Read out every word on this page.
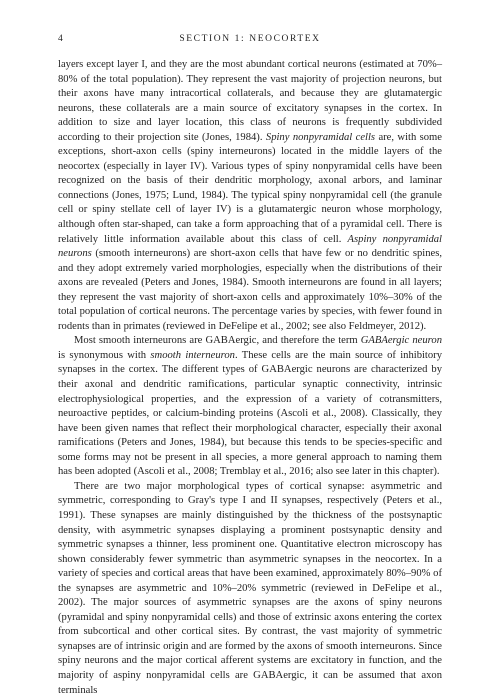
4	SECTION 1: NEOCORTEX

layers except layer I, and they are the most abundant cortical neurons (estimated at 70%–80% of the total population). They represent the vast majority of projection neurons, but their axons have many intracortical collaterals, and because they are glutamatergic neurons, these collaterals are a main source of excitatory synapses in the cortex. In addition to size and layer location, this class of neurons is frequently subdivided according to their projection site (Jones, 1984). Spiny nonpyramidal cells are, with some exceptions, short-axon cells (spiny interneurons) located in the middle layers of the neocortex (especially in layer IV). Various types of spiny nonpyramidal cells have been recognized on the basis of their dendritic morphology, axonal arbors, and laminar connections (Jones, 1975; Lund, 1984). The typical spiny nonpyramidal cell (the granule cell or spiny stellate cell of layer IV) is a glutamatergic neuron whose morphology, although often star-shaped, can take a form approaching that of a pyramidal cell. There is relatively little information available about this class of cell. Aspiny nonpyramidal neurons (smooth interneurons) are short-axon cells that have few or no dendritic spines, and they adopt extremely varied morphologies, especially when the distributions of their axons are revealed (Peters and Jones, 1984). Smooth interneurons are found in all layers; they represent the vast majority of short-axon cells and approximately 10%–30% of the total population of cortical neurons. The percentage varies by species, with fewer found in rodents than in primates (reviewed in DeFelipe et al., 2002; see also Feldmeyer, 2012).

Most smooth interneurons are GABAergic, and therefore the term GABAergic neuron is synonymous with smooth interneuron. These cells are the main source of inhibitory synapses in the cortex. The different types of GABAergic neurons are characterized by their axonal and dendritic ramifications, particular synaptic connectivity, intrinsic electrophysiological properties, and the expression of a variety of cotransmitters, neuroactive peptides, or calcium-binding proteins (Ascoli et al., 2008). Classically, they have been given names that reflect their morphological character, especially their axonal ramifications (Peters and Jones, 1984), but because this tends to be species-specific and some forms may not be present in all species, a more general approach to naming them has been adopted (Ascoli et al., 2008; Tremblay et al., 2016; also see later in this chapter).

There are two major morphological types of cortical synapse: asymmetric and symmetric, corresponding to Gray's type I and II synapses, respectively (Peters et al., 1991). These synapses are mainly distinguished by the thickness of the postsynaptic density, with asymmetric synapses displaying a prominent postsynaptic density and symmetric synapses a thinner, less prominent one. Quantitative electron microscopy has shown considerably fewer symmetric than asymmetric synapses in the neocortex. In a variety of species and cortical areas that have been examined, approximately 80%–90% of the synapses are asymmetric and 10%–20% symmetric (reviewed in DeFelipe et al., 2002). The major sources of asymmetric synapses are the axons of spiny neurons (pyramidal and spiny nonpyramidal cells) and those of extrinsic axons entering the cortex from subcortical and other cortical sites. By contrast, the vast majority of symmetric synapses are of intrinsic origin and are formed by the axons of smooth interneurons. Since spiny neurons and the major cortical afferent systems are excitatory in function, and the majority of aspiny nonpyramidal cells are GABAergic, it can be assumed that axon terminals
